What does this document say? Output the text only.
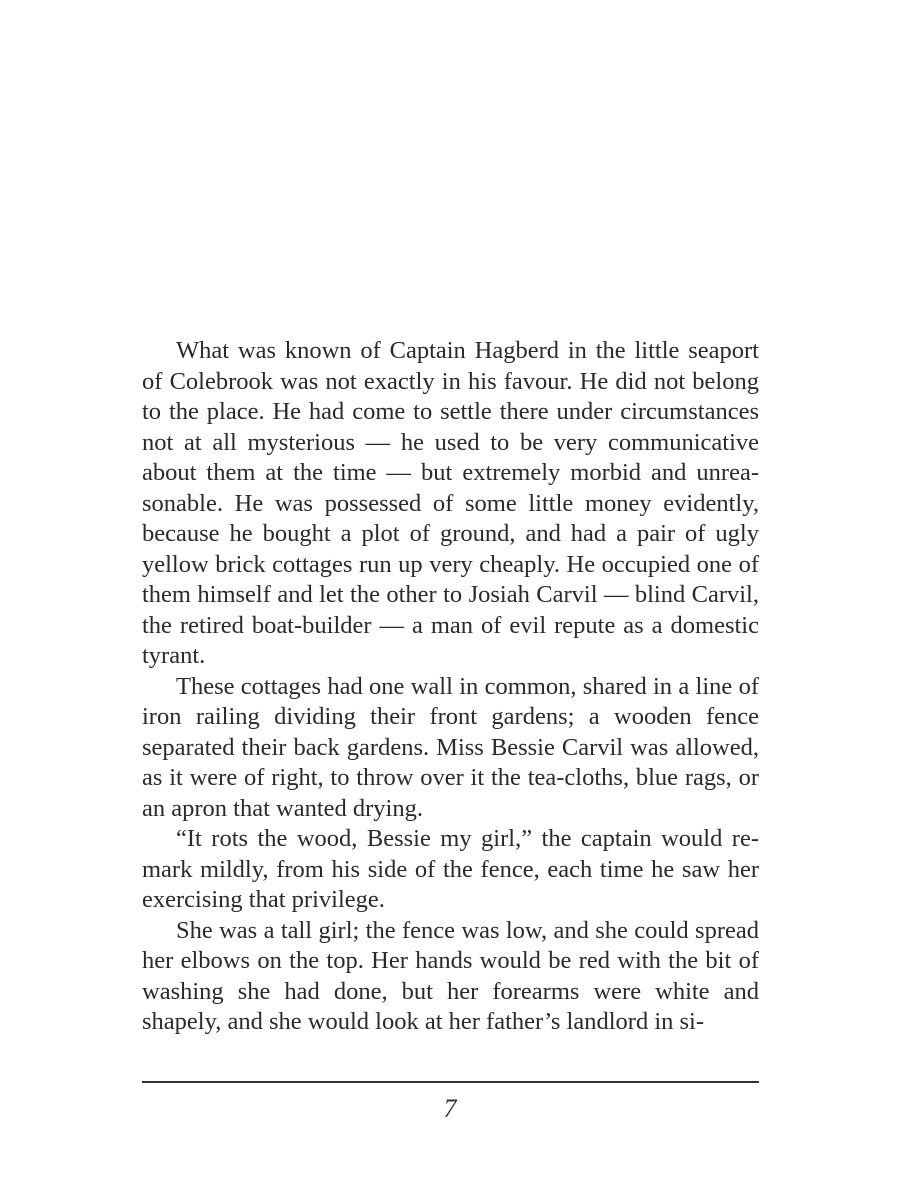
What was known of Captain Hagberd in the little seaport of Colebrook was not exactly in his favour. He did not belong to the place. He had come to settle there under circumstances not at all mysterious — he used to be very communicative about them at the time — but extremely morbid and unreasonable. He was possessed of some little money evidently, because he bought a plot of ground, and had a pair of ugly yellow brick cottages run up very cheaply. He occupied one of them himself and let the other to Josiah Carvil — blind Carvil, the retired boat-builder — a man of evil repute as a domestic tyrant.

These cottages had one wall in common, shared in a line of iron railing dividing their front gardens; a wooden fence separated their back gardens. Miss Bessie Carvil was allowed, as it were of right, to throw over it the tea-cloths, blue rags, or an apron that wanted drying.

“It rots the wood, Bessie my girl,” the captain would remark mildly, from his side of the fence, each time he saw her exercising that privilege.

She was a tall girl; the fence was low, and she could spread her elbows on the top. Her hands would be red with the bit of washing she had done, but her forearms were white and shapely, and she would look at her father’s landlord in si-

7
